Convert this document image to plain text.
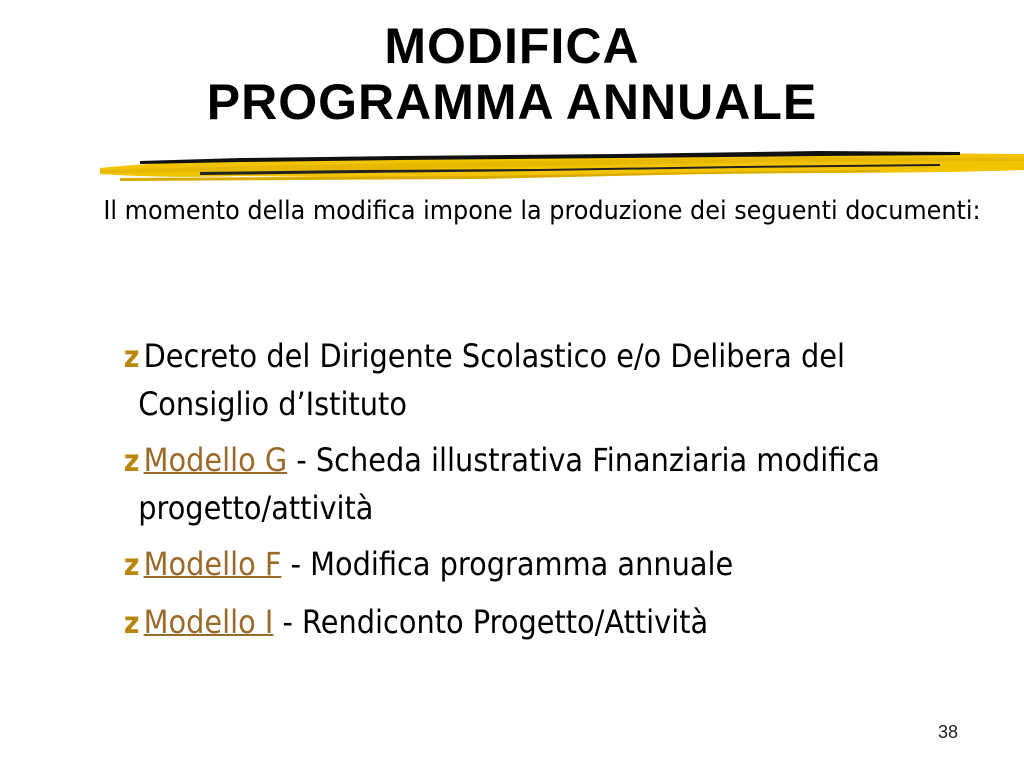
MODIFICA
PROGRAMMA ANNUALE
Il momento della modifica impone la produzione dei seguenti documenti:
z Decreto del Dirigente Scolastico e/o Delibera del Consiglio d’Istituto
z Modello G - Scheda illustrativa Finanziaria modifica progetto/attività
z Modello F - Modifica programma annuale
z Modello I - Rendiconto Progetto/Attività
38
